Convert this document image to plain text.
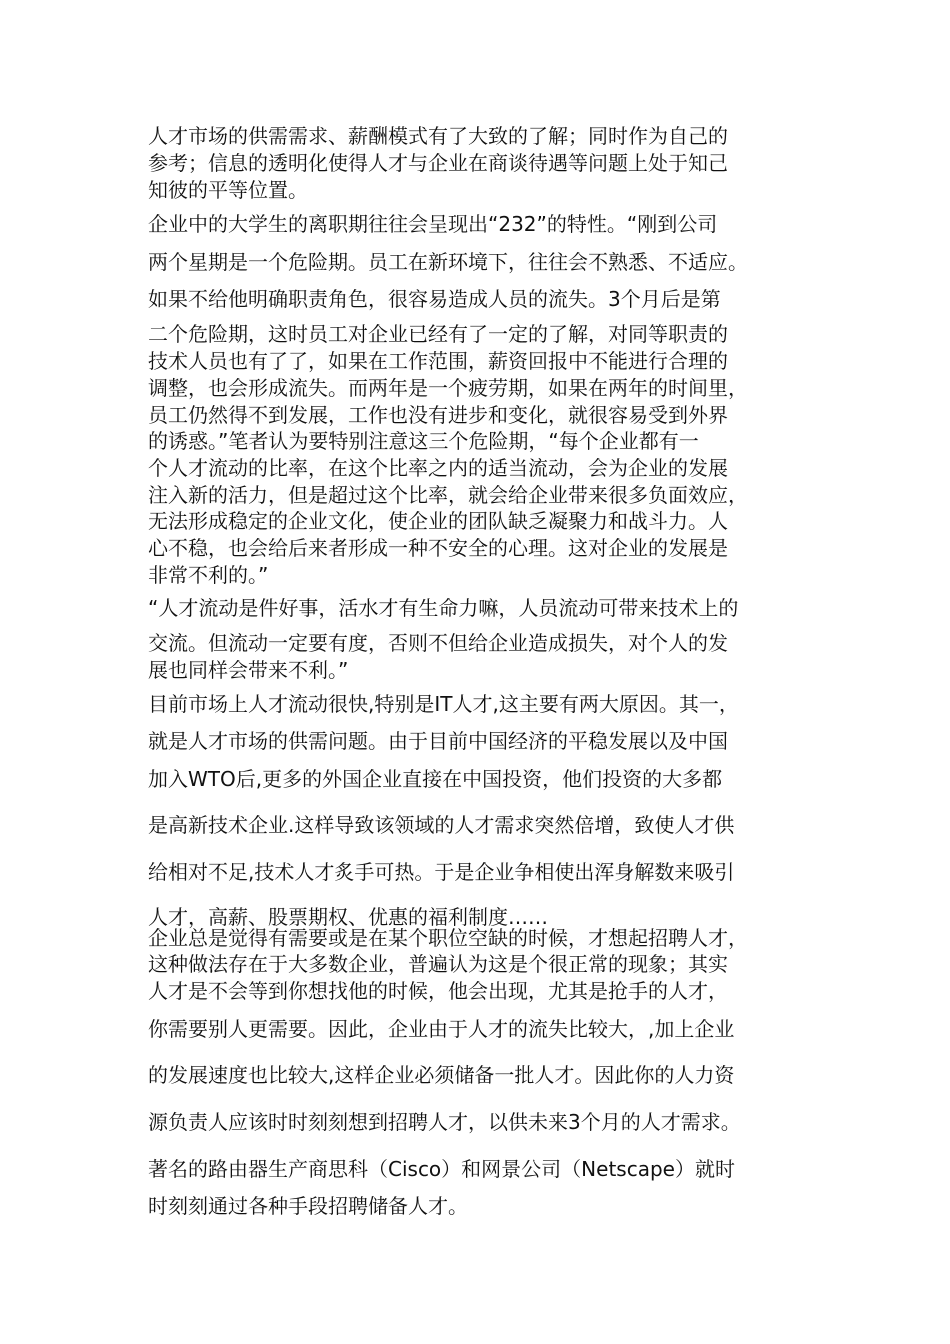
人才市场的供需需求、薪酬模式有了大致的了解；同时作为自己的
参考；信息的透明化使得人才与企业在商谈待遇等问题上处于知己
知彼的平等位置。
企业中的大学生的离职期往往会呈现出“232”的特性。“刚到公司
两个星期是一个危险期。员工在新环境下，往往会不熟悉、不适应。
如果不给他明确职责角色，很容易造成人员的流失。3个月后是第
二个危险期，这时员工对企业已经有了一定的了解，对同等职责的
技术人员也有了了，如果在工作范围，薪资回报中不能进行合理的
调整，也会形成流失。而两年是一个疲劳期，如果在两年的时间里，
员工仍然得不到发展，工作也没有进步和变化，就很容易受到外界
的诱惑。”笔者认为要特别注意这三个危险期，“每个企业都有一
个人才流动的比率，在这个比率之内的适当流动，会为企业的发展
注入新的活力，但是超过这个比率，就会给企业带来很多负面效应，
无法形成稳定的企业文化，使企业的团队缺乏凝聚力和战斗力。人
心不稳，也会给后来者形成一种不安全的心理。这对企业的发展是
非常不利的。”
“人才流动是件好事，活水才有生命力嘛，人员流动可带来技术上的
交流。但流动一定要有度，否则不但给企业造成损失，对个人的发
展也同样会带来不利。”
目前市场上人才流动很快,特别是IT人才,这主要有两大原因。其一，
就是人才市场的供需问题。由于目前中国经济的平稳发展以及中国
加入WTO后,更多的外国企业直接在中国投资，他们投资的大多都
是高新技术企业.这样导致该领域的人才需求突然倍增，致使人才供
给相对不足,技术人才炙手可热。于是企业争相使出浑身解数来吸引
人才，高薪、股票期权、优惠的福利制度……
企业总是觉得有需要或是在某个职位空缺的时候，才想起招聘人才，
这种做法存在于大多数企业，普遍认为这是个很正常的现象；其实
人才是不会等到你想找他的时候，他会出现，尤其是抢手的人才，
你需要别人更需要。因此，企业由于人才的流失比较大，,加上企业
的发展速度也比较大,这样企业必须储备一批人才。因此你的人力资
源负责人应该时时刻刻想到招聘人才，以供未来3个月的人才需求。
著名的路由器生产商思科（Cisco）和网景公司（Netscape）就时
时刻刻通过各种手段招聘储备人才。
